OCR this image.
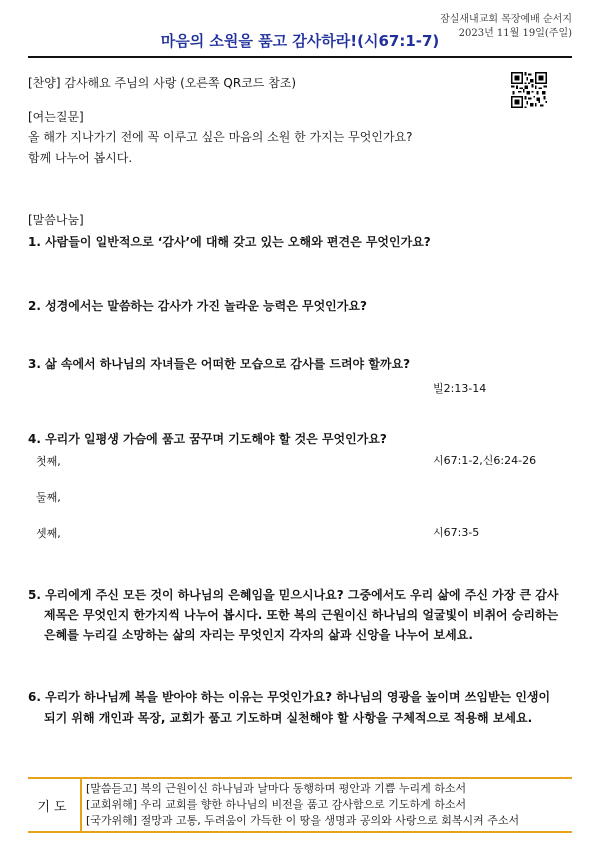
잠실새내교회 목장예배 순서지
2023년 11월 19일(주일)
마음의 소원을 품고 감사하라!(시67:1-7)
[찬양] 감사해요 주님의 사랑 (오른쪽 QR코드 참조)
[여는질문]
올 해가 지나가기 전에 꼭 이루고 싶은 마음의 소원 한 가지는 무엇인가요?
함께 나누어 봅시다.
[말씀나눔]
1. 사람들이 일반적으로 ‘감사’에 대해 갖고 있는 오해와 편견은 무엇인가요?
2. 성경에서는 말씀하는 감사가 가진 놀라운 능력은 무엇인가요?
3. 삶 속에서 하나님의 자녀들은 어떠한 모습으로 감사를 드려야 할까요?
빌2:13-14
4. 우리가 일평생 가슴에 품고 꿈꾸며 기도해야 할 것은 무엇인가요?
첫째,	시67:1-2,신6:24-26
둘째,
셋째,	시67:3-5
5. 우리에게 주신 모든 것이 하나님의 은혜임을 믿으시나요? 그중에서도 우리 삶에 주신 가장 큰 감사
제목은 무엇인지 한가지씩 나누어 봅시다. 또한 복의 근원이신 하나님의 얼굴빛이 비취어 승리하는
은혜를 누리길 소망하는 삶의 자리는 무엇인지 각자의 삶과 신앙을 나누어 보세요.
6. 우리가 하나님께 복을 받아야 하는 이유는 무엇인가요? 하나님의 영광을 높이며 쓰임받는 인생이
되기 위해 개인과 목장, 교회가 품고 기도하며 실천해야 할 사항을 구체적으로 적용해 보세요.
기도
[말씀듣고] 복의 근원이신 하나님과 날마다 동행하며 평안과 기쁨 누리게 하소서
[교회위해] 우리 교회를 향한 하나님의 비전을 품고 감사함으로 기도하게 하소서
[국가위해] 절망과 고통, 두려움이 가득한 이 땅을 생명과 공의와 사랑으로 회복시켜 주소서
